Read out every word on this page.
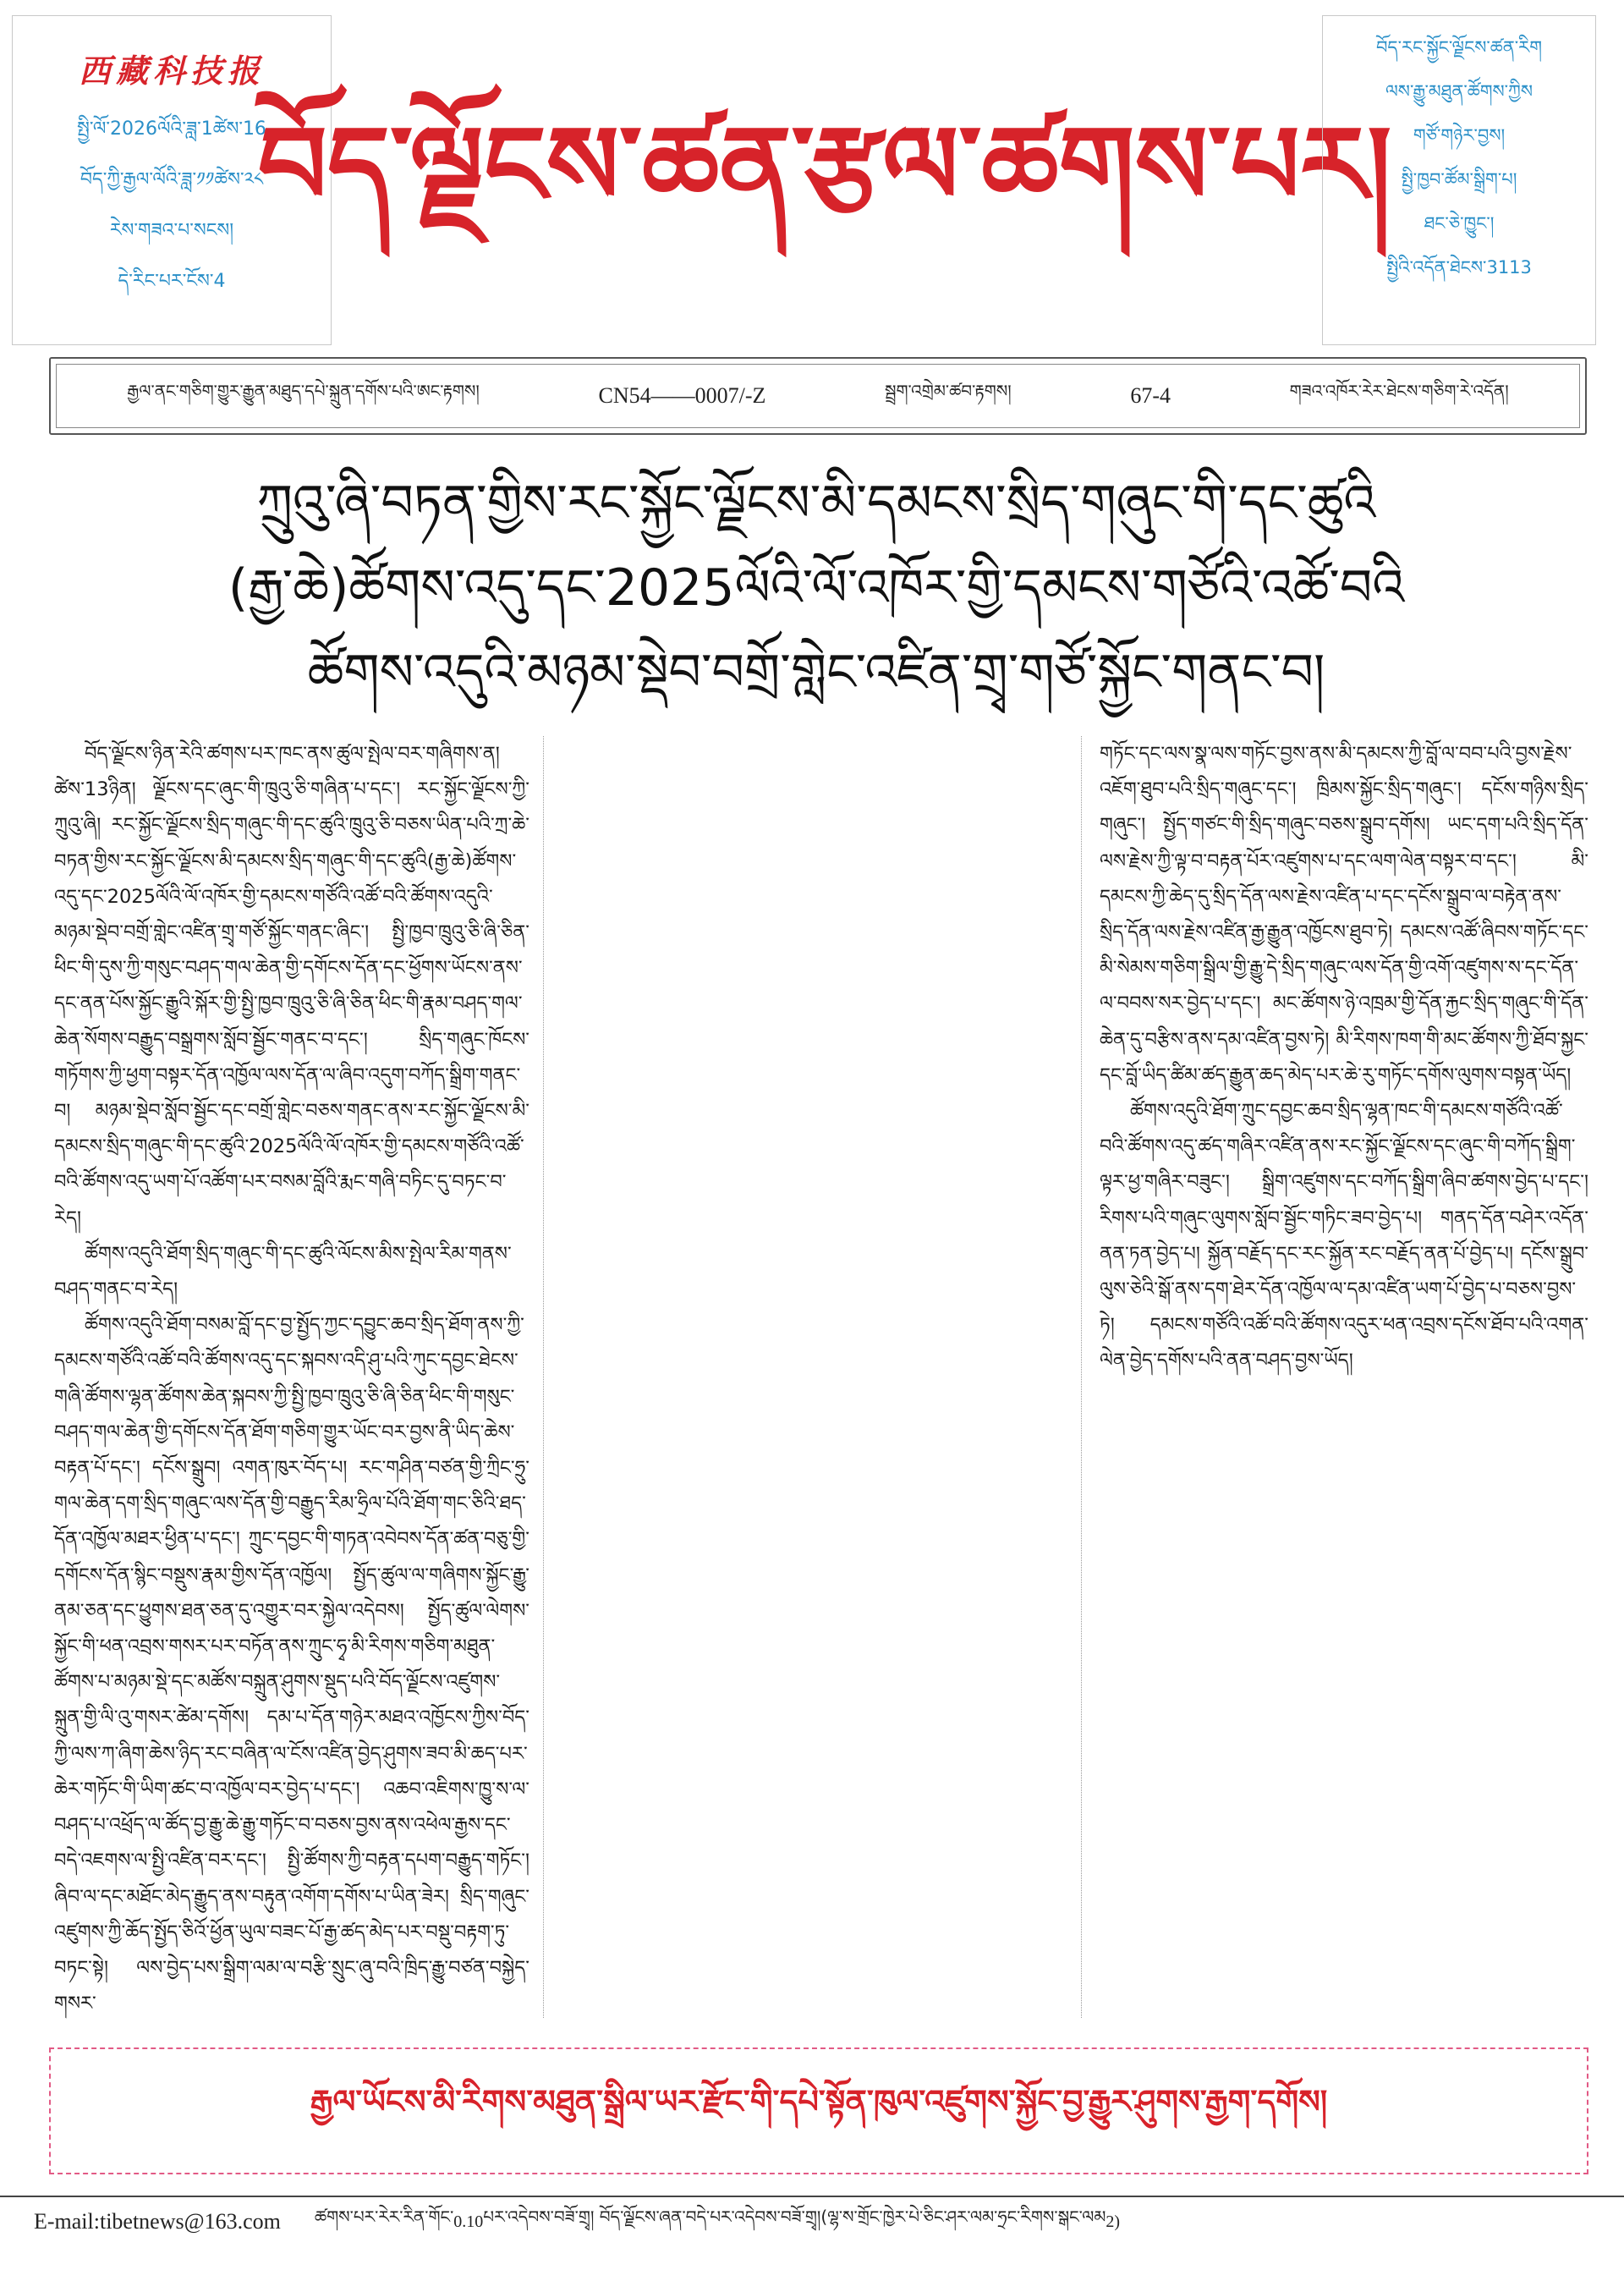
西藏科技报
སྤྱི་ལོ་2026ལོའི་ཟླ་1ཚེས་16
བོད་ཀྱི་རྒྱལ་ལོའི་ཟླ་༡༡ཚེས་༢༨
རེས་གཟའ་པ་སངས།
དེ་རིང་པར་ངོས་4
བོད་ལྗོངས་ཚན་རྩལ་ཚགས་པར།
བོད་རང་སྐྱོང་ལྗོངས་ཚན་རིག
ལས་རྒྱུ་མཐུན་ཚོགས་ཀྱིས
གཙོ་གཉེར་བྱས།
སྤྱི་ཁྱབ་ཚོམ་སྒྲིག་པ།
ཐང་ཅེ་ཁྱུང་།
སྤྱིའི་འདོན་ཐེངས་3113
རྒྱལ་ནང་གཅིག་གྱུར་རྒྱུན་མཐུད་དཔེ་སྐྲུན་དགོས་པའི་ཨང་རྟགས།	CN54——0007/-Z	སྦྲག་འགྲེམ་ཚབ་རྟགས།	67-4	གཟའ་འཁོར་རེར་ཐེངས་གཅིག་རེ་འདོན།
ཀྲུའུ་ཞི་བཏན་གྱིས་རང་སྐྱོང་ལྗོངས་མི་དམངས་སྲིད་གཞུང་གི་དང་ཚུའི
(རྒྱ་ཆེ)ཚོགས་འདུ་དང་2025ལོའི་ལོ་འཁོར་གྱི་དམངས་གཙོའི་འཚོ་བའི
ཚོགས་འདུའི་མཉམ་སྡེབ་བགྲོ་གླེང་འཛིན་གྲྭ་གཙོ་སྐྱོང་གནང་བ།

བོད་ལྗོངས་ཉིན་རེའི་ཚགས་པར་ཁང་ནས་ཚུལ་སྤེལ་བར་གཞིགས་ན། ཚེས་13ཉིན། ལྗོངས་དང་ཞུང་གི་ཁྲུའུ་ཅི་གཞིན་པ་དང་། རང་སྐྱོང་ལྗོངས་ཀྱི་ཀྲུའུ་ཞི། རང་སྐྱོང་ལྗོངས་སྲིད་གཞུང་གི་དང་ཚུའི་ཁྲུའུ་ཅི་བཅས་ཡིན་པའི་ཀྲ་ཆེ་བཏན་གྱིས་རང་སྐྱོང་ལྗོངས་མི་དམངས་སྲིད་གཞུང་གི་དང་ཚུའི(རྒྱ་ཆེ)ཚོགས་འདུ་དང་2025ལོའི་ལོ་འཁོར་གྱི་དམངས་གཙོའི་འཚོ་བའི་ཚོགས་འདུའི་མཉམ་སྡེབ་བགྲོ་གླེང་འཛིན་གྲྭ་གཙོ་སྐྱོང་གནང་ཞིང་། སྤྱི་ཁྱབ་ཁྲུའུ་ཅི་ཞི་ཅིན་ཕིང་གི་དུས་ཀྱི་གསུང་བཤད་གལ་ཆེན་གྱི་དགོངས་དོན་དང་ཕྱོགས་ཡོངས་ནས་དང་ནན་པོས་སྐྱོང་རྒྱུའི་སྐོར་གྱི་སྤྱི་ཁྱབ་ཁྲུའུ་ཅི་ཞི་ཅིན་ཕིང་གི་རྣམ་བཤད་གལ་ཆེན་སོགས་བརྒྱུད་བསྒྲགས་སློབ་སྦྱོང་གནང་བ་དང་། སྲིད་གཞུང་ཁོངས་གཏོགས་ཀྱི་ཕྱག་བསྟར་དོན་འཁྱོལ་ལས་དོན་ལ་ཞིབ་འདུག་བཀོད་སྒྲིག་གནང་བ། མཉམ་སྡེབ་སློབ་སྦྱོང་དང་བགྲོ་གླེང་བཅས་གནང་ནས་རང་སྐྱོང་ལྗོངས་མི་དམངས་སྲིད་གཞུང་གི་དང་ཚུའི་2025ལོའི་ལོ་འཁོར་གྱི་དམངས་གཙོའི་འཚོ་བའི་ཚོགས་འདུ་ཡག་པོ་འཚོག་པར་བསམ་བློའི་རྨང་གཞི་བཏིང་དུ་བཏང་བ་རེད།

ཚོགས་འདུའི་ཐོག་སྲིད་གཞུང་གི་དང་ཚུའི་ལོངས་མིས་སྤེལ་རིམ་གནས་བཤད་གནང་བ་རེད།

ཚོགས་འདུའི་ཐོག་བསམ་བློ་དང་བྱ་སྤྱོད་ཀྱང་དབྱུང་ཆབ་སྲིད་ཐོག་ནས་ཀྱི་དམངས་གཙོའི་འཚོ་བའི་ཚོགས་འདུ་དང་སྐབས་འདི་ཤུ་པའི་ཀུང་དབྱང་ཐེངས་གཞི་ཚོགས་ལྷན་ཚོགས་ཆེན་སྐབས་ཀྱི་སྤྱི་ཁྱབ་ཁྲུའུ་ཅི་ཞི་ཅིན་ཕིང་གི་གསུང་བཤད་གལ་ཆེན་གྱི་དགོངས་དོན་ཐོག་གཅིག་གྱུར་ཡོང་བར་བྱས་ནི་ཡིད་ཆེས་བརྟན་པོ་དང་། དངོས་སྒྲུབ། འགན་ཁུར་བོད་པ། རང་གཤིན་བཙན་གྱི་ཀྲིང་ཧྲུ་གལ་ཆེན་དག་སྲིད་གཞུང་ལས་དོན་གྱི་བརྒྱུད་རིམ་ཧྲིལ་པོའི་ཐོག་གང་ཅིའི་ཐད་དོན་འཁྱོལ་མཐར་ཕྱིན་པ་དང་། ཀྲུང་དབྱང་གི་གཏན་འབེབས་དོན་ཚན་བཅུ་གྱི་དགོངས་དོན་སྙིང་བསྡུས་རྣམ་གྱིས་དོན་འཁྱོལ། སྤྱོད་ཚུལ་ལ་གཞིགས་སྐྱོང་རྒྱུ་ནམ་ཅན་དང་ཕྱུགས་ཐན་ཅན་དུ་འགྱུར་བར་སྐྱེལ་འདེབས། སྤྱོད་ཚུལ་ལེགས་སྐྱོང་གི་ཕན་འབྲས་གསར་པར་བཏོན་ནས་ཀྲུང་ཧྭ་མི་རིགས་གཅིག་མཐུན་ཚོགས་པ་མཉམ་སྡེ་དང་མཚོས་བསྐྲུན་ཤུགས་སྡུད་པའི་བོད་ལྗོངས་འཛུགས་སྐྲུན་གྱི་ལི་འུ་གསར་ཚེམ་དགོས། དམ་པ་དོན་གཉེར་མཐའ་འཁྱོངས་ཀྱིས་བོད་ཀྱི་ལས་ཀ་ཞིག་ཆེས་ཉིད་རང་བཞིན་ལ་ངོས་འཛིན་བྱེད་ཤུགས་ཟབ་མི་ཆད་པར་ཆེར་གཏོང་གི་ཡིག་ཚང་བ་འཁྱོལ་བར་བྱེད་པ་དང་། འཆབ་འཇིགས་ཁྱུ་ས་ལ་བཤད་པ་འཕྲོད་ལ་ཚོད་བྱ་རྒྱུ་ཆེ་རྒྱུ་གཏོང་བ་བཅས་བྱས་ནས་འཕེལ་རྒྱས་དང་བདེ་འཇགས་ལ་སྤྱི་འཛིན་བར་དང་། སྤྱི་ཚོགས་ཀྱི་བརྟན་དཔག་བརྒྱུད་གཏོང་། ཞིབ་ལ་དང་མཐོང་མེད་རྒྱུད་ནས་བརྟུན་འགོག་དགོས་པ་ཡིན་ཟེར། སྲིད་གཞུང་འཛུགས་ཀྱི་ཆོད་སྤྱོད་ཅིའོ་ཕྱོན་ཡུལ་བཟང་པོ་རྒྱ་ཚད་མེད་པར་བསྡུ་བརྟག་ཏུ་བཏང་སྟེ། ལས་བྱེད་པས་སྒྲིག་ལམ་ལ་བརྩི་སྲུང་ཞུ་བའི་ཁྲིད་རྒྱུ་བཙན་བསྐྱེད་གསར་

གཏོང་དང་ལས་སྣ་ལས་གཏོང་བྱས་ནས་མི་དམངས་ཀྱི་བློ་ལ་བབ་པའི་བྱས་རྗེས་འཇོག་ཐུབ་པའི་སྲིད་གཞུང་དང་། ཁྲིམས་སྐྱོང་སྲིད་གཞུང་། དངོས་གཉིས་སྲིད་གཞུང་། སྤྱོད་གཙང་གི་སྲིད་གཞུང་བཅས་སྒྲུབ་དགོས། ཡང་དག་པའི་སྲིད་དོན་ལས་རྗེས་ཀྱི་ལྟ་བ་བརྟན་པོར་འཛུགས་པ་དང་ལག་ལེན་བསྟར་བ་དང་། མི་དམངས་ཀྱི་ཆེད་དུ་སྲིད་དོན་ལས་རྗེས་འཛིན་པ་དང་དངོས་སྒྲུབ་ལ་བརྟེན་ནས་སྲིད་དོན་ལས་རྗེས་འཛིན་རྒྱ་རྒྱུན་འཁྱོངས་ཐུབ་ཏེ། དམངས་འཚོ་ཞིབས་གཏོང་དང་མི་སེམས་གཅིག་སྒྲིལ་གྱི་རྒྱུ་དེ་སྲིད་གཞུང་ལས་དོན་གྱི་འགོ་འཛུགས་ས་དང་དོན་ལ་བབས་སར་བྱེད་པ་དང་། མང་ཚོགས་ཉེ་འཁྲམ་གྱི་དོན་རྐྱང་སྲིད་གཞུང་གི་དོན་ཆེན་དུ་བརྩིས་ནས་དམ་འཛིན་བྱས་ཏེ། མི་རིགས་ཁག་གི་མང་ཚོགས་ཀྱི་ཐོབ་སྐྱང་དང་བློ་ཡིད་ཚིམ་ཚད་རྒྱུན་ཆད་མེད་པར་ཆེ་རུ་གཏོང་དགོས་ལུགས་བསྟན་ཡོད།

ཚོགས་འདུའི་ཐོག་ཀྲུང་དབྱང་ཆབ་སྲིད་ལྷན་ཁང་གི་དམངས་གཙོའི་འཚོ་བའི་ཚོགས་འདུ་ཚད་གཞིར་འཛིན་ནས་རང་སྐྱོང་ལྗོངས་དང་ཞུང་གི་བཀོད་སྒྲིག་ལྟར་ཕྱ་གཞིར་བཟུང་། སྒྲིག་འཛུགས་དང་བཀོད་སྒྲིག་ཞིབ་ཚགས་བྱེད་པ་དང་། རིགས་པའི་གཞུང་ལུགས་སློབ་སྦྱོང་གཏིང་ཟབ་བྱེད་པ། གནད་དོན་བཤེར་འདོན་ནན་ཏན་བྱེད་པ། སྐྱོན་བརྗོད་དང་རང་སྐྱོན་རང་བརྗོད་ནན་པོ་བྱེད་པ། དངོས་སྒྲུབ་ལུས་ཅེའི་སྒོ་ནས་དག་ཐེར་དོན་འཁྱོལ་ལ་དམ་འཛིན་ཡག་པོ་བྱེད་པ་བཅས་བྱས་ཏེ། དམངས་གཙོའི་འཚོ་བའི་ཚོགས་འདུར་ཕན་འབྲས་དངོས་ཐོབ་པའི་འགན་ལེན་བྱེད་དགོས་པའི་ནན་བཤད་བྱས་ཡོད།

རྒྱལ་ཡོངས་མི་རིགས་མཐུན་སྒྲིལ་ཡར་རྫོང་གི་དཔེ་སྟོན་ཁུལ་འཛུགས་སྐྱོང་བྱ་རྒྱུར་ཤུགས་རྒྱག་དགོས།
E-mail:tibetnews@163.com ཚགས་པར་རེར་རིན་གོང་ 0.10 པར་འདེབས་བཟོ་གྲྭ། བོད་ལྗོངས་ཞན་བདེ་པར་འདེབས་བཟོ་གྲྭ།(ལྷ་ས་གྲོང་ཁྱེར་པེ་ཅིང་ཤར་ལམ་ཧྲང་རིགས་སྒང་ལམ 2)
